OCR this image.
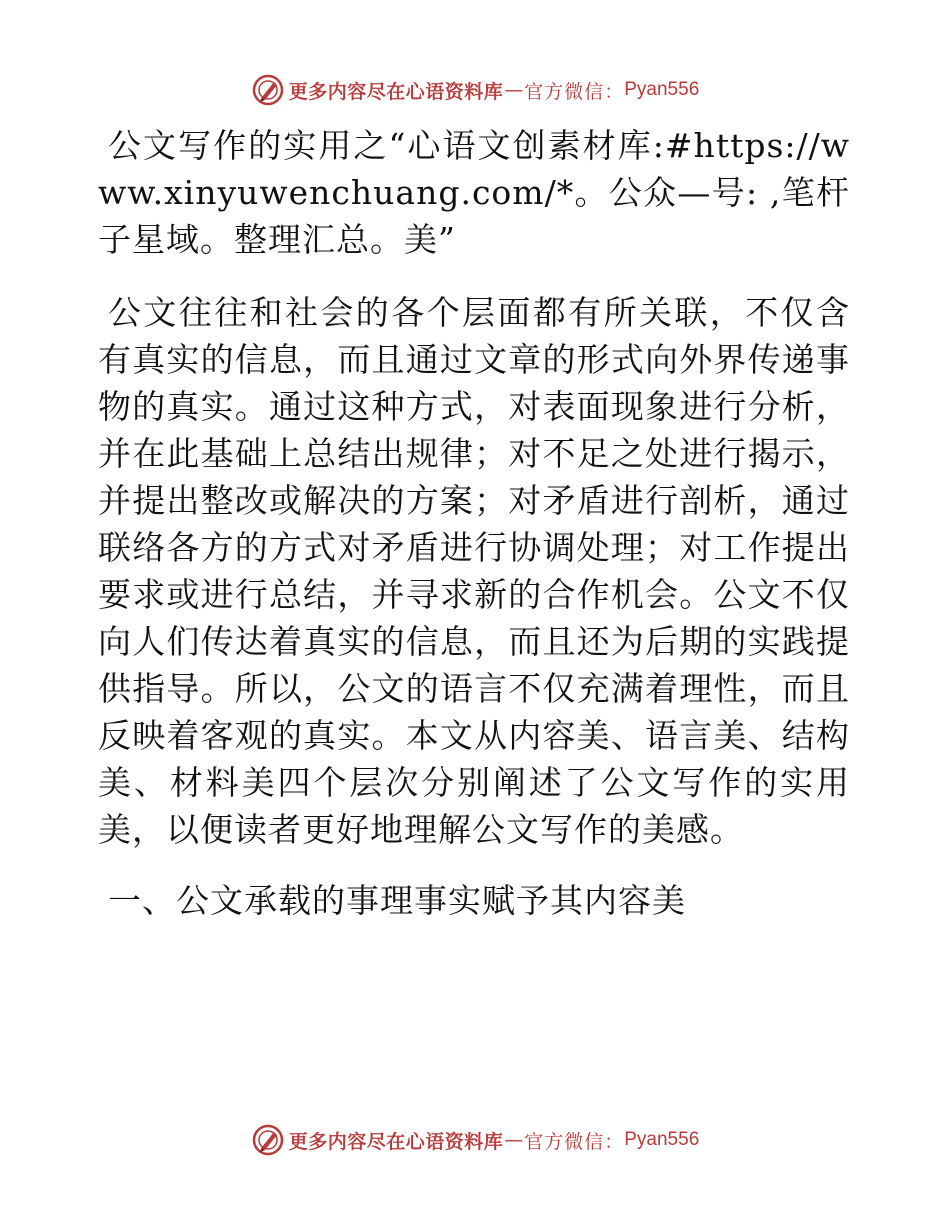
更多内容尽在心语资料库 — 官方微信： Pyan556

公文写作的实用之“心语文创素材库:#https://www.xinyuwenchuang.com/*。公众—号: ,笔杆子星域。整理汇总。美”

公文往往和社会的各个层面都有所关联，不仅含有真实的信息，而且通过文章的形式向外界传递事物的真实。通过这种方式，对表面现象进行分析，并在此基础上总结出规律；对不足之处进行揭示，并提出整改或解决的方案；对矛盾进行剖析，通过联络各方的方式对矛盾进行协调处理；对工作提出要求或进行总结，并寻求新的合作机会。公文不仅向人们传达着真实的信息，而且还为后期的实践提供指导。所以，公文的语言不仅充满着理性，而且反映着客观的真实。本文从内容美、语言美、结构美、材料美四个层次分别阐述了公文写作的实用美，以便读者更好地理解公文写作的美感。

一、公文承载的事理事实赋予其内容美
更多内容尽在心语资料库 — 官方微信： Pyan556
